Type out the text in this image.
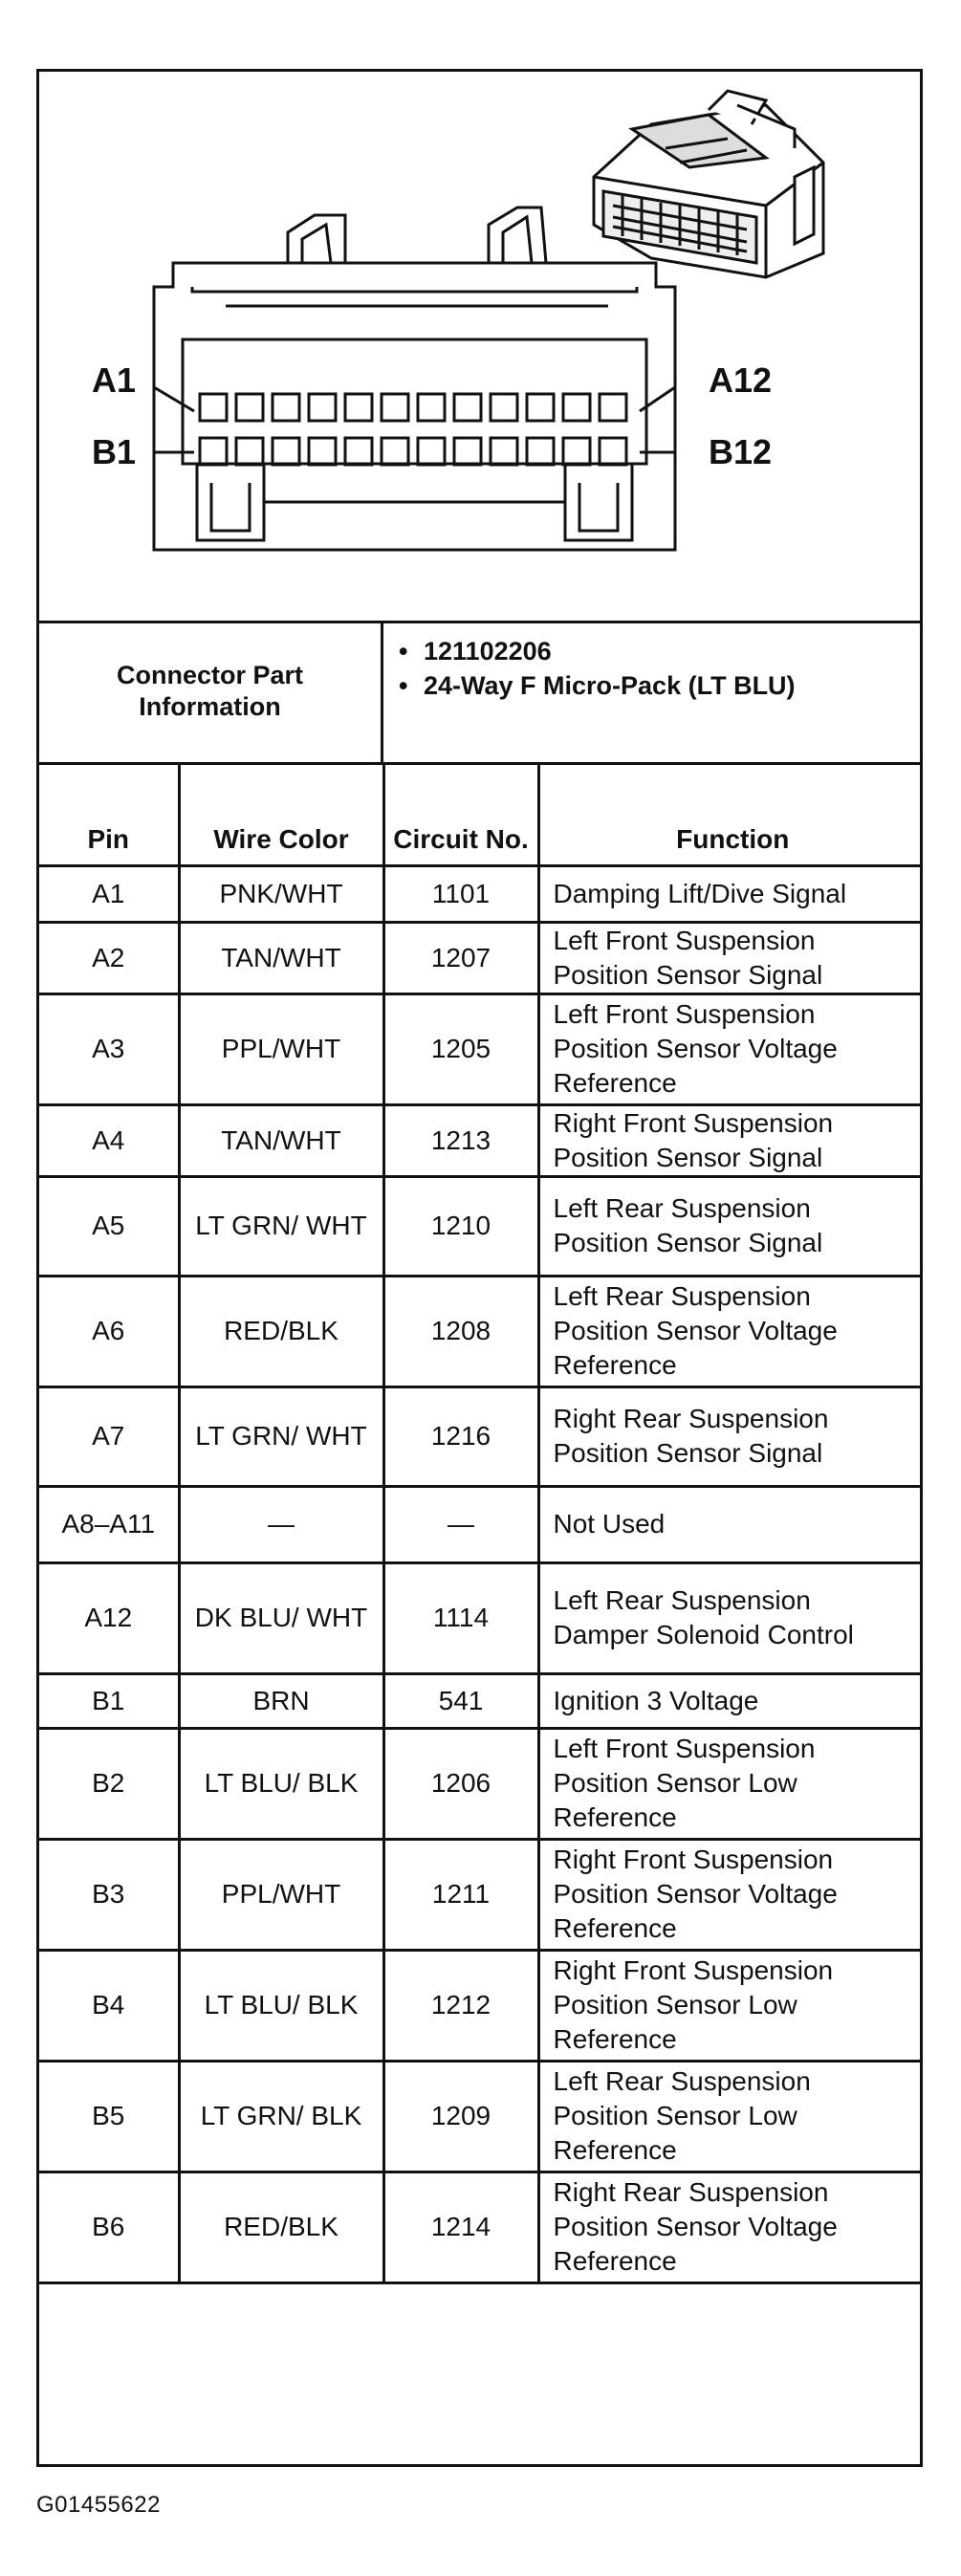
A1
B1
A12
B12
Connector Part Information
• 121102206
• 24-Way F Micro-Pack (LT BLU)
Pin	Wire Color	Circuit No.	Function
A1	PNK/WHT	1101	Damping Lift/Dive Signal
A2	TAN/WHT	1207	Left Front Suspension Position Sensor Signal
A3	PPL/WHT	1205	Left Front Suspension Position Sensor Voltage Reference
A4	TAN/WHT	1213	Right Front Suspension Position Sensor Signal
A5	LT GRN/ WHT	1210	Left Rear Suspension Position Sensor Signal
A6	RED/BLK	1208	Left Rear Suspension Position Sensor Voltage Reference
A7	LT GRN/ WHT	1216	Right Rear Suspension Position Sensor Signal
A8–A11	—	—	Not Used
A12	DK BLU/ WHT	1114	Left Rear Suspension Damper Solenoid Control
B1	BRN	541	Ignition 3 Voltage
B2	LT BLU/ BLK	1206	Left Front Suspension Position Sensor Low Reference
B3	PPL/WHT	1211	Right Front Suspension Position Sensor Voltage Reference
B4	LT BLU/ BLK	1212	Right Front Suspension Position Sensor Low Reference
B5	LT GRN/ BLK	1209	Left Rear Suspension Position Sensor Low Reference
B6	RED/BLK	1214	Right Rear Suspension Position Sensor Voltage Reference
G01455622
